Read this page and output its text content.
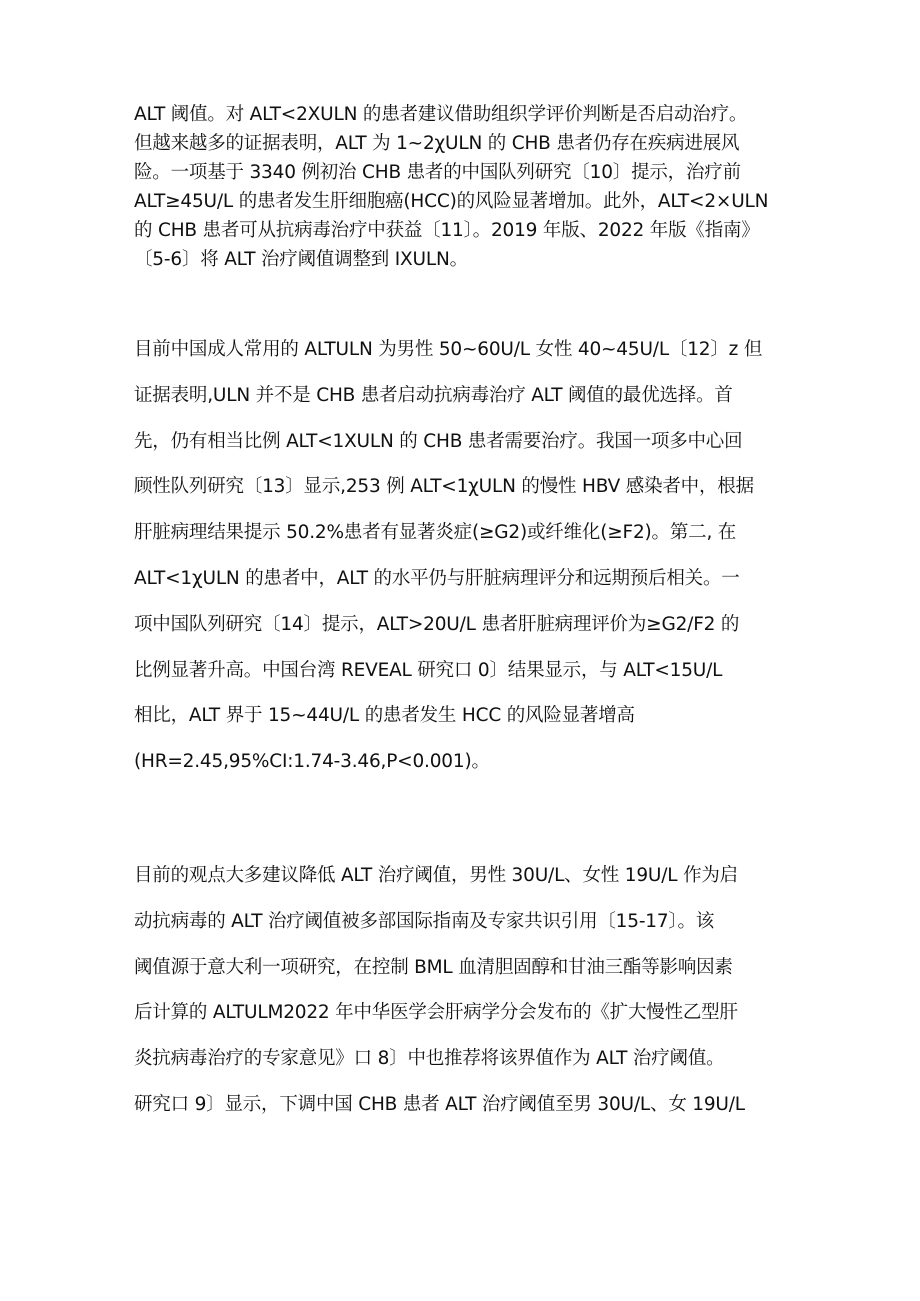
ALT 阈值。对 ALT<2XULN 的患者建议借助组织学评价判断是否启动治疗。
但越来越多的证据表明，ALT 为 1~2χULN 的 CHB 患者仍存在疾病进展风
险。一项基于 3340 例初治 CHB 患者的中国队列研究〔10〕提示，治疗前
ALT≥45U/L 的患者发生肝细胞癌(HCC)的风险显著增加。此外，ALT<2×ULN
的 CHB 患者可从抗病毒治疗中获益〔11〕。2019 年版、2022 年版《指南》
〔5-6〕将 ALT 治疗阈值调整到 IXULN。

目前中国成人常用的 ALTULN 为男性 50~60U/L 女性 40~45U/L〔12〕z 但
证据表明,ULN 并不是 CHB 患者启动抗病毒治疗 ALT 阈值的最优选择。首
先，仍有相当比例 ALT<1XULN 的 CHB 患者需要治疗。我国一项多中心回
顾性队列研究〔13〕显示,253 例 ALT<1χULN 的慢性 HBV 感染者中，根据
肝脏病理结果提示 50.2%患者有显著炎症(≥G2)或纤维化(≥F2)。第二, 在
ALT<1χULN 的患者中，ALT 的水平仍与肝脏病理评分和远期预后相关。一
项中国队列研究〔14〕提示，ALT>20U/L 患者肝脏病理评价为≥G2/F2 的
比例显著升高。中国台湾 REVEAL 研究口 0〕结果显示，与 ALT<15U/L
相比，ALT 界于 15~44U/L 的患者发生 HCC 的风险显著增高
(HR=2.45,95%CI:1.74-3.46,P<0.001)。

目前的观点大多建议降低 ALT 治疗阈值，男性 30U/L、女性 19U/L 作为启
动抗病毒的 ALT 治疗阈值被多部国际指南及专家共识引用〔15-17〕。该
阈值源于意大利一项研究，在控制 BML 血清胆固醇和甘油三酯等影响因素
后计算的 ALTULM2022 年中华医学会肝病学分会发布的《扩大慢性乙型肝
炎抗病毒治疗的专家意见》口 8〕中也推荐将该界值作为 ALT 治疗阈值。
研究口 9〕显示，下调中国 CHB 患者 ALT 治疗阈值至男 30U/L、女 19U/L
